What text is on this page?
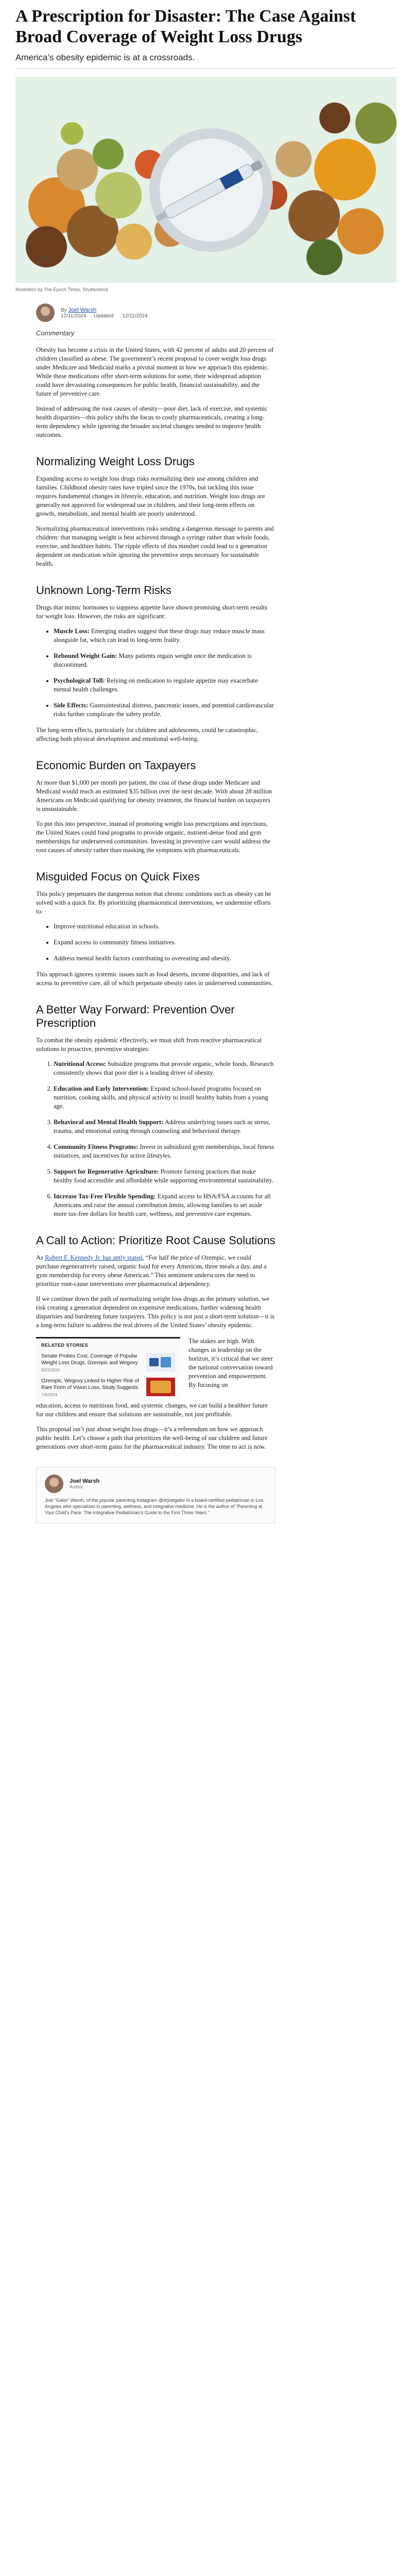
A Prescription for Disaster: The Case Against Broad Coverage of Weight Loss Drugs
America’s obesity epidemic is at a crossroads.
Illustration by The Epoch Times, Shutterstock
By Joel Warsh
12/11/2024 Updated: 12/11/2024
Commentary

Obesity has become a crisis in the United States, with 42 percent of adults and 20 percent of children classified as obese. The government’s recent proposal to cover weight loss drugs under Medicare and Medicaid marks a pivotal moment in how we approach this epidemic. While these medications offer short-term solutions for some, their widespread adoption could have devastating consequences for public health, financial sustainability, and the future of preventive care.

Instead of addressing the root causes of obesity—poor diet, lack of exercise, and systemic health disparities—this policy shifts the focus to costly pharmaceuticals, creating a long-term dependency while ignoring the broader societal changes needed to improve health outcomes.

Normalizing Weight Loss Drugs

Expanding access to weight loss drugs risks normalizing their use among children and families. Childhood obesity rates have tripled since the 1970s, but tackling this issue requires fundamental changes in lifestyle, education, and nutrition. Weight loss drugs are generally not approved for widespread use in children, and their long-term effects on growth, metabolism, and mental health are poorly understood.

Normalizing pharmaceutical interventions risks sending a dangerous message to parents and children: that managing weight is best achieved through a syringe rather than whole foods, exercise, and healthier habits. The ripple effects of this mindset could lead to a generation dependent on medication while ignoring the preventive steps necessary for sustainable health.

Unknown Long-Term Risks

Drugs that mimic hormones to suppress appetite have shown promising short-term results for weight loss. However, the risks are significant:

• Muscle Loss: Emerging studies suggest that these drugs may reduce muscle mass alongside fat, which can lead to long-term frailty.
• Rebound Weight Gain: Many patients regain weight once the medication is discontinued.
• Psychological Toll: Relying on medication to regulate appetite may exacerbate mental health challenges.
• Side Effects: Gastrointestinal distress, pancreatic issues, and potential cardiovascular risks further complicate the safety profile.

The long-term effects, particularly for children and adolescents, could be catastrophic, affecting both physical development and emotional well-being.

Economic Burden on Taxpayers

At more than $1,000 per month per patient, the cost of these drugs under Medicare and Medicaid would reach an estimated $35 billion over the next decade. With about 28 million Americans on Medicaid qualifying for obesity treatment, the financial burden on taxpayers is unsustainable.

To put this into perspective, instead of promoting weight loss prescriptions and injections, the United States could fund programs to provide organic, nutrient-dense food and gym memberships for underserved communities. Investing in preventive care would address the root causes of obesity rather than masking the symptoms with pharmaceuticals.

Misguided Focus on Quick Fixes

This policy perpetuates the dangerous notion that chronic conditions such as obesity can be solved with a quick fix. By prioritizing pharmaceutical interventions, we undermine efforts to:

• Improve nutritional education in schools.
• Expand access to community fitness initiatives.
• Address mental health factors contributing to overeating and obesity.

This approach ignores systemic issues such as food deserts, income disparities, and lack of access to preventive care, all of which perpetuate obesity rates in underserved communities.

A Better Way Forward: Prevention Over Prescription

To combat the obesity epidemic effectively, we must shift from reactive pharmaceutical solutions to proactive, preventive strategies:

1. Nutritional Access: Subsidize programs that provide organic, whole foods. Research consistently shows that poor diet is a leading driver of obesity.
2. Education and Early Intervention: Expand school-based programs focused on nutrition, cooking skills, and physical activity to instill healthy habits from a young age.
3. Behavioral and Mental Health Support: Address underlying issues such as stress, trauma, and emotional eating through counseling and behavioral therapy.
4. Community Fitness Programs: Invest in subsidized gym memberships, local fitness initiatives, and incentives for active lifestyles.
5. Support for Regenerative Agriculture: Promote farming practices that make healthy food accessible and affordable while supporting environmental sustainability.
6. Increase Tax-Free Flexible Spending: Expand access to HSA/FSA accounts for all Americans and raise the annual contribution limits, allowing families to set aside more tax-free dollars for health care, wellness, and preventive care expenses.
A Call to Action: Prioritize Root Cause Solutions

As Robert F. Kennedy Jr. has aptly stated, “For half the price of Ozempic, we could purchase regeneratively raised, organic food for every American, three meals a day, and a gym membership for every obese American.” This sentiment underscores the need to prioritize root-cause interventions over pharmaceutical dependency.

If we continue down the path of normalizing weight loss drugs as the primary solution, we risk creating a generation dependent on expensive medications, further widening health disparities and burdening future taxpayers. This policy is not just a short-term solution—it is a long-term failure to address the real drivers of the United States’ obesity epidemic.

RELATED STORIES
Senate Probes Cost, Coverage of Popular Weight Loss Drugs, Ozempic and Wegovy
9/23/2024
Ozempic, Wegovy Linked to Higher Risk of Rare Form of Vision Loss, Study Suggests
7/4/2024
The stakes are high. With changes in leadership on the horizon, it’s critical that we steer the national conversation toward prevention and empowerment. By focusing on

education, access to nutritious food, and systemic changes, we can build a healthier future for our children and ensure that solutions are sustainable, not just profitable.

This proposal isn’t just about weight loss drugs—it’s a referendum on how we approach public health. Let’s choose a path that prioritizes the well-being of our children and future generations over short-term gains for the pharmaceutical industry. The time to act is now.

Joel Warsh
Author
Joel “Gator” Warsh, of the popular parenting Instagram @drjoelgator is a board-certified pediatrician in Los Angeles who specializes in parenting, wellness, and integrative medicine. He is the author of “Parenting at Your Child’s Pace: The Integrative Pediatrician’s Guide to the First Three Years.”
